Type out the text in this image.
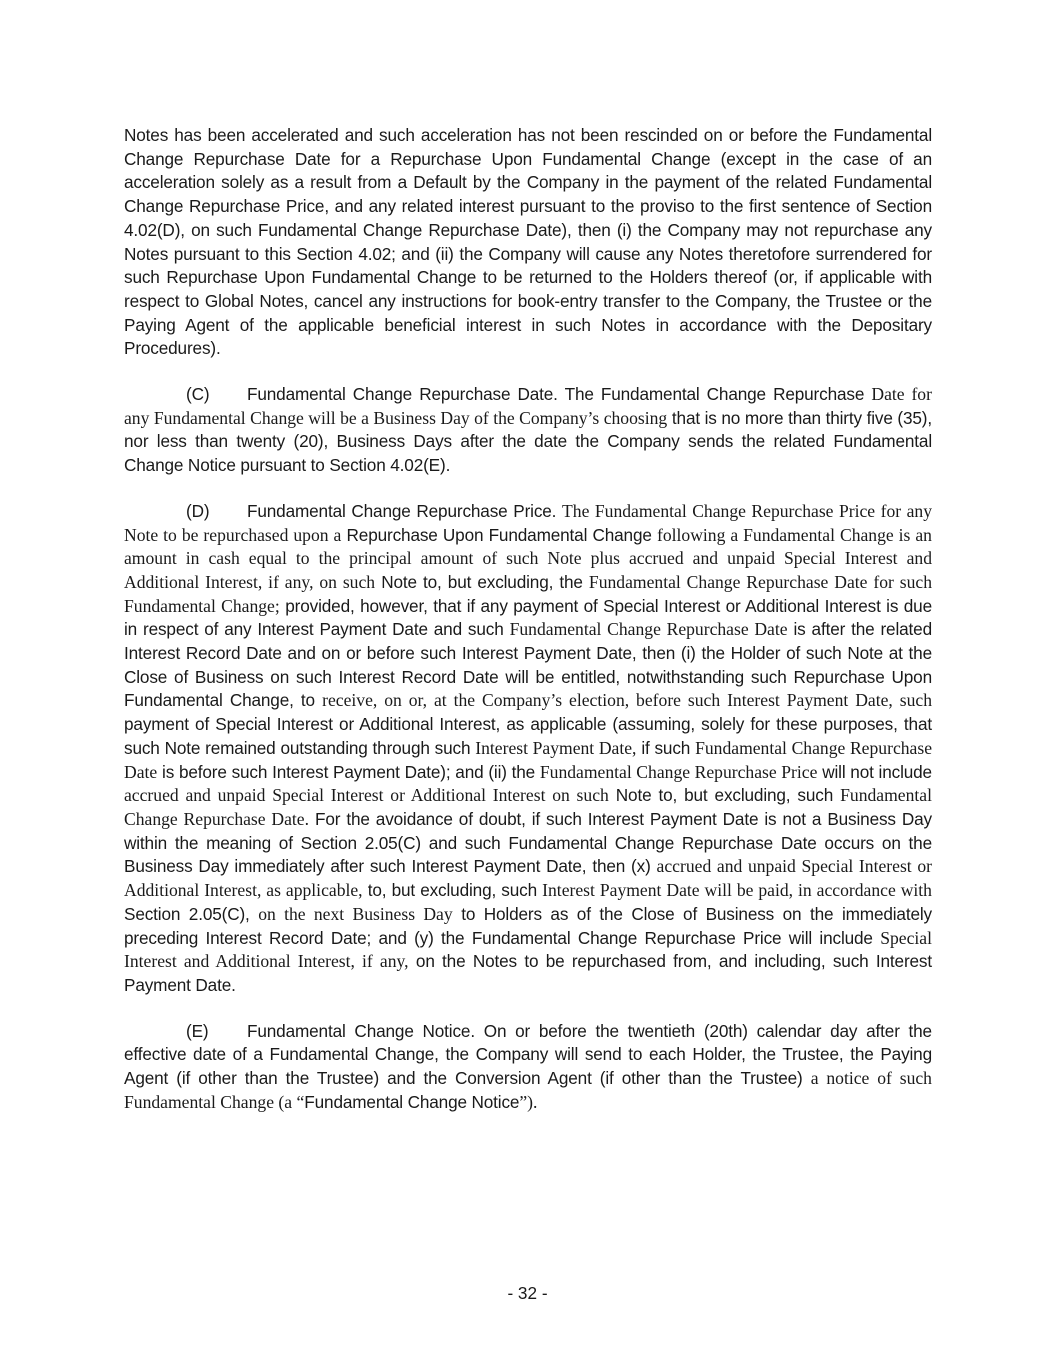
Notes has been accelerated and such acceleration has not been rescinded on or before the Fundamental Change Repurchase Date for a Repurchase Upon Fundamental Change (except in the case of an acceleration solely as a result from a Default by the Company in the payment of the related Fundamental Change Repurchase Price, and any related interest pursuant to the proviso to the first sentence of Section 4.02(D), on such Fundamental Change Repurchase Date), then (i) the Company may not repurchase any Notes pursuant to this Section 4.02; and (ii) the Company will cause any Notes theretofore surrendered for such Repurchase Upon Fundamental Change to be returned to the Holders thereof (or, if applicable with respect to Global Notes, cancel any instructions for book-entry transfer to the Company, the Trustee or the Paying Agent of the applicable beneficial interest in such Notes in accordance with the Depositary Procedures).

(C) Fundamental Change Repurchase Date. The Fundamental Change Repurchase Date for any Fundamental Change will be a Business Day of the Company’s choosing that is no more than thirty five (35), nor less than twenty (20), Business Days after the date the Company sends the related Fundamental Change Notice pursuant to Section 4.02(E).

(D) Fundamental Change Repurchase Price. The Fundamental Change Repurchase Price for any Note to be repurchased upon a Repurchase Upon Fundamental Change following a Fundamental Change is an amount in cash equal to the principal amount of such Note plus accrued and unpaid Special Interest and Additional Interest, if any, on such Note to, but excluding, the Fundamental Change Repurchase Date for such Fundamental Change; provided, however, that if any payment of Special Interest or Additional Interest is due in respect of any Interest Payment Date and such Fundamental Change Repurchase Date is after the related Interest Record Date and on or before such Interest Payment Date, then (i) the Holder of such Note at the Close of Business on such Interest Record Date will be entitled, notwithstanding such Repurchase Upon Fundamental Change, to receive, on or, at the Company’s election, before such Interest Payment Date, such payment of Special Interest or Additional Interest, as applicable (assuming, solely for these purposes, that such Note remained outstanding through such Interest Payment Date, if such Fundamental Change Repurchase Date is before such Interest Payment Date); and (ii) the Fundamental Change Repurchase Price will not include accrued and unpaid Special Interest or Additional Interest on such Note to, but excluding, such Fundamental Change Repurchase Date. For the avoidance of doubt, if such Interest Payment Date is not a Business Day within the meaning of Section 2.05(C) and such Fundamental Change Repurchase Date occurs on the Business Day immediately after such Interest Payment Date, then (x) accrued and unpaid Special Interest or Additional Interest, as applicable, to, but excluding, such Interest Payment Date will be paid, in accordance with Section 2.05(C), on the next Business Day to Holders as of the Close of Business on the immediately preceding Interest Record Date; and (y) the Fundamental Change Repurchase Price will include Special Interest and Additional Interest, if any, on the Notes to be repurchased from, and including, such Interest Payment Date.

(E) Fundamental Change Notice. On or before the twentieth (20th) calendar day after the effective date of a Fundamental Change, the Company will send to each Holder, the Trustee, the Paying Agent (if other than the Trustee) and the Conversion Agent (if other than the Trustee) a notice of such Fundamental Change (a “Fundamental Change Notice”).

- 32 -
